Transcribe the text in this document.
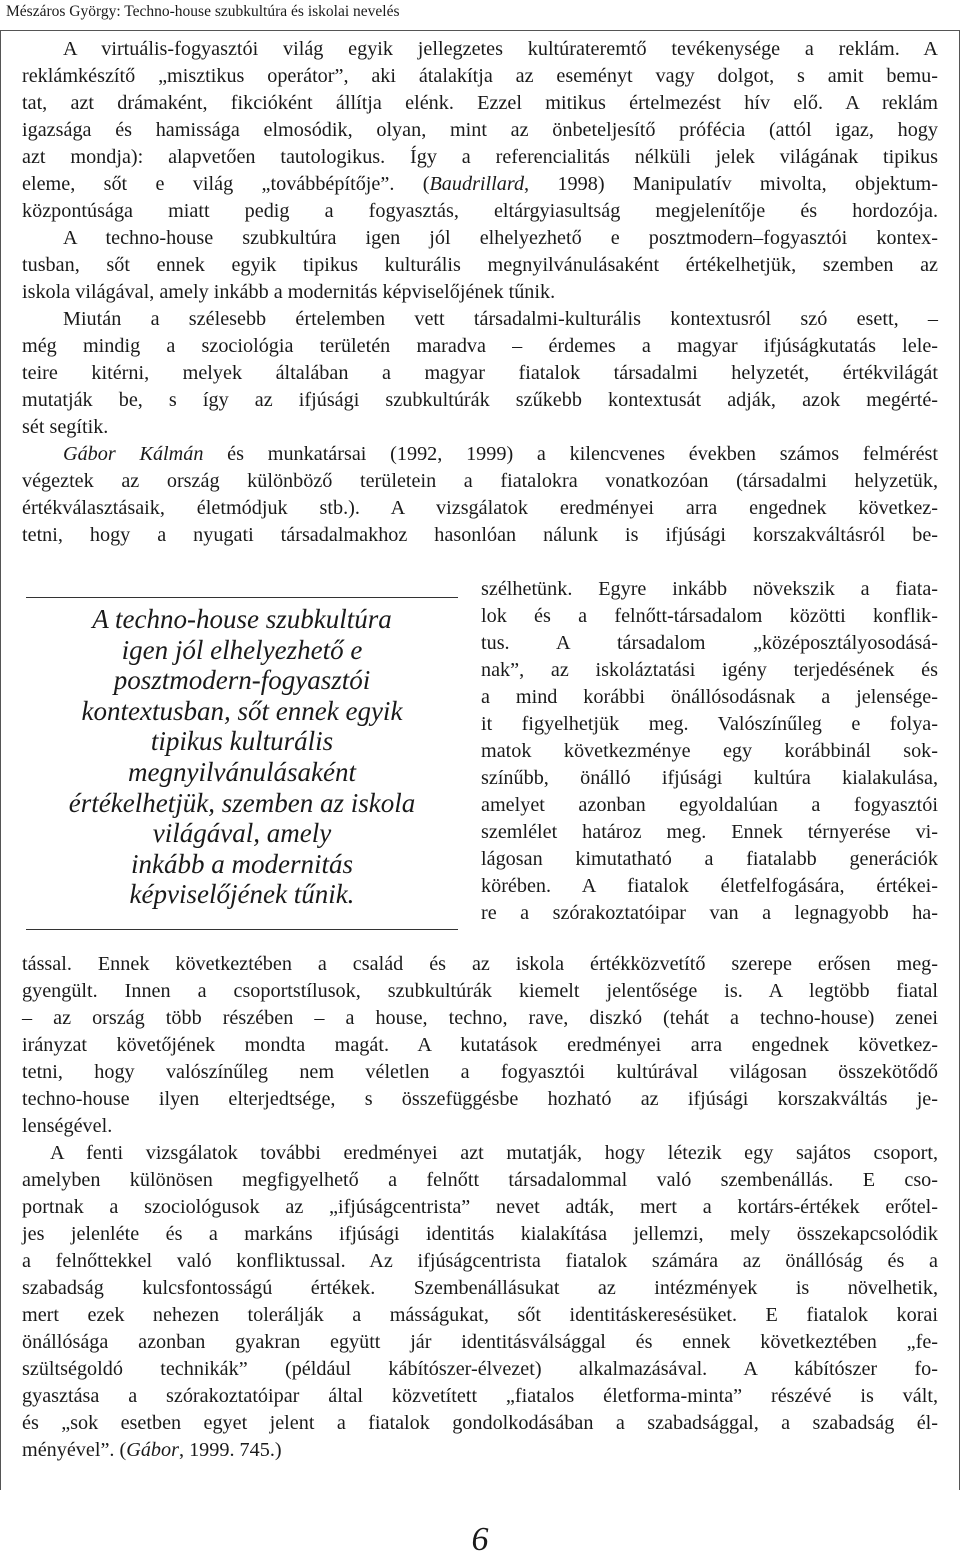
Mészáros György: Techno-house szubkultúra és iskolai nevelés
A virtuális-fogyasztói világ egyik jellegzetes kultúrateremtő tevékenysége a reklám. A
reklámkészítő „misztikus operátor”, aki átalakítja az eseményt vagy dolgot, s amit bemu-
tat, azt drámaként, fikcióként állítja elénk. Ezzel mitikus értelmezést hív elő. A reklám
igazsága és hamissága elmosódik, olyan, mint az önbeteljesítő prófécia (attól igaz, hogy
azt mondja): alapvetően tautologikus. Így a referencialitás nélküli jelek világának tipikus
eleme, sőt e világ „továbbépítője”. (Baudrillard, 1998) Manipulatív mivolta, objektum-
központúsága miatt pedig a fogyasztás, eltárgyiasultság megjelenítője és hordozója.
A techno-house szubkultúra igen jól elhelyezhető e posztmodern–fogyasztói kontex-
tusban, sőt ennek egyik tipikus kulturális megnyilvánulásaként értékelhetjük, szemben az
iskola világával, amely inkább a modernitás képviselőjének tűnik.
Miután a szélesebb értelemben vett társadalmi-kulturális kontextusról szó esett, –
még mindig a szociológia területén maradva – érdemes a magyar ifjúságkutatás lele-
teire kitérni, melyek általában a magyar fiatalok társadalmi helyzetét, értékvilágát
mutatják be, s így az ifjúsági szubkultúrák szűkebb kontextusát adják, azok megérté-
sét segítik.
Gábor Kálmán és munkatársai (1992, 1999) a kilencvenes években számos felmérést
végeztek az ország különböző területein a fiatalokra vonatkozóan (társadalmi helyzetük,
értékválasztásaik, életmódjuk stb.). A vizsgálatok eredményei arra engednek következ-
tetni, hogy a nyugati társadalmakhoz hasonlóan nálunk is ifjúsági korszakváltásról be-
A techno-house szubkultúra
igen jól elhelyezhető e
posztmodern-fogyasztói
kontextusban, sőt ennek egyik
tipikus kulturális
megnyilvánulásaként
értékelhetjük, szemben az iskola
világával, amely
inkább a modernitás
képviselőjének tűnik.
szélhetünk. Egyre inkább növekszik a fiata-
lok és a felnőtt-társadalom közötti konflik-
tus. A társadalom „középosztályosodásá-
nak”, az iskoláztatási igény terjedésének és
a mind korábbi önállósodásnak a jelensége-
it figyelhetjük meg. Valószínűleg e folya-
matok következménye egy korábbinál sok-
színűbb, önálló ifjúsági kultúra kialakulása,
amelyet azonban egyoldalúan a fogyasztói
szemlélet határoz meg. Ennek térnyerése vi-
lágosan kimutatható a fiatalabb generációk
körében. A fiatalok életfelfogására, értékei-
re a szórakoztatóipar van a legnagyobb ha-
tással. Ennek következtében a család és az iskola értékközvetítő szerepe erősen meg-
gyengült. Innen a csoportstílusok, szubkultúrák kiemelt jelentősége is. A legtöbb fiatal
– az ország több részében – a house, techno, rave, diszkó (tehát a techno-house) zenei
irányzat követőjének mondta magát. A kutatások eredményei arra engednek következ-
tetni, hogy valószínűleg nem véletlen a fogyasztói kultúrával világosan összekötődő
techno-house ilyen elterjedtsége, s összefüggésbe hozható az ifjúsági korszakváltás je-
lenségével.
A fenti vizsgálatok további eredményei azt mutatják, hogy létezik egy sajátos csoport,
amelyben különösen megfigyelhető a felnőtt társadalommal való szembenállás. E cso-
portnak a szociológusok az „ifjúságcentrista” nevet adták, mert a kortárs-értékek erőtel-
jes jelenléte és a markáns ifjúsági identitás kialakítása jellemzi, mely összekapcsolódik
a felnőttekkel való konfliktussal. Az ifjúságcentrista fiatalok számára az önállóság és a
szabadság kulcsfontosságú értékek. Szembenállásukat az intézmények is növelhetik,
mert ezek nehezen tolerálják a másságukat, sőt identitáskeresésüket. E fiatalok korai
önállósága azonban gyakran együtt jár identitásválsággal és ennek következtében „fe-
szültségoldó technikák” (például kábítószer-élvezet) alkalmazásával. A kábítószer fo-
gyasztása a szórakoztatóipar által közvetített „fiatalos életforma-minta” részévé is vált,
és „sok esetben egyet jelent a fiatalok gondolkodásában a szabadsággal, a szabadság él-
ményével”. (Gábor, 1999. 745.)
6
